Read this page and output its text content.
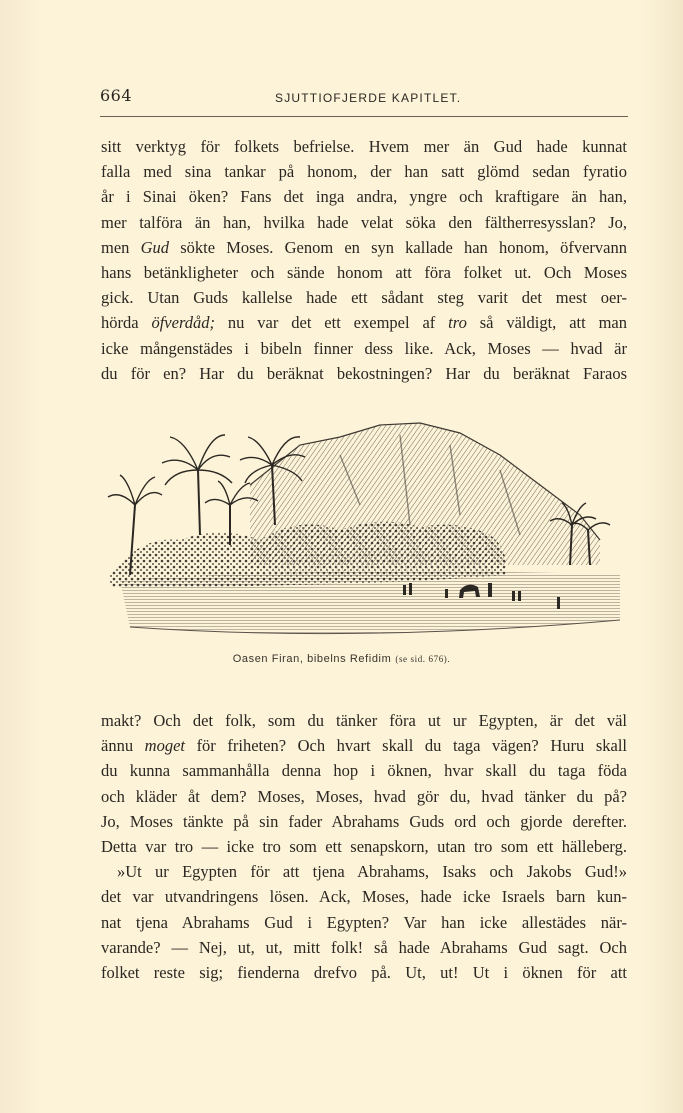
664	SJUTTIOFJERDE KAPITLET.
sitt verktyg för folkets befrielse. Hvem mer än Gud hade kunnat
falla med sina tankar på honom, der han satt glömd sedan fyratio
år i Sinai öken? Fans det inga andra, yngre och kraftigare än han,
mer talföra än han, hvilka hade velat söka den fältherresysslan? Jo,
men Gud sökte Moses. Genom en syn kallade han honom, öfvervann
hans betänkligheter och sände honom att föra folket ut. Och Moses
gick. Utan Guds kallelse hade ett sådant steg varit det mest oer-
hörda öfverdåd; nu var det ett exempel af tro så väldigt, att man
icke mångenstädes i bibeln finner dess like. Ack, Moses — hvad är
du för en? Har du beräknat bekostningen? Har du beräknat Faraos
Oasen Firan, bibelns Refidim (se sid. 676).
makt? Och det folk, som du tänker föra ut ur Egypten, är det väl
ännu moget för friheten? Och hvart skall du taga vägen? Huru skall
du kunna sammanhålla denna hop i öknen, hvar skall du taga föda
och kläder åt dem? Moses, Moses, hvad gör du, hvad tänker du på?
Jo, Moses tänkte på sin fader Abrahams Guds ord och gjorde derefter.
Detta var tro — icke tro som ett senapskorn, utan tro som ett hälleberg.
»Ut ur Egypten för att tjena Abrahams, Isaks och Jakobs Gud!»
det var utvandringens lösen. Ack, Moses, hade icke Israels barn kun-
nat tjena Abrahams Gud i Egypten? Var han icke allestädes när-
varande? — Nej, ut, ut, mitt folk! så hade Abrahams Gud sagt. Och
folket reste sig; fienderna drefvo på. Ut, ut! Ut i öknen för att
